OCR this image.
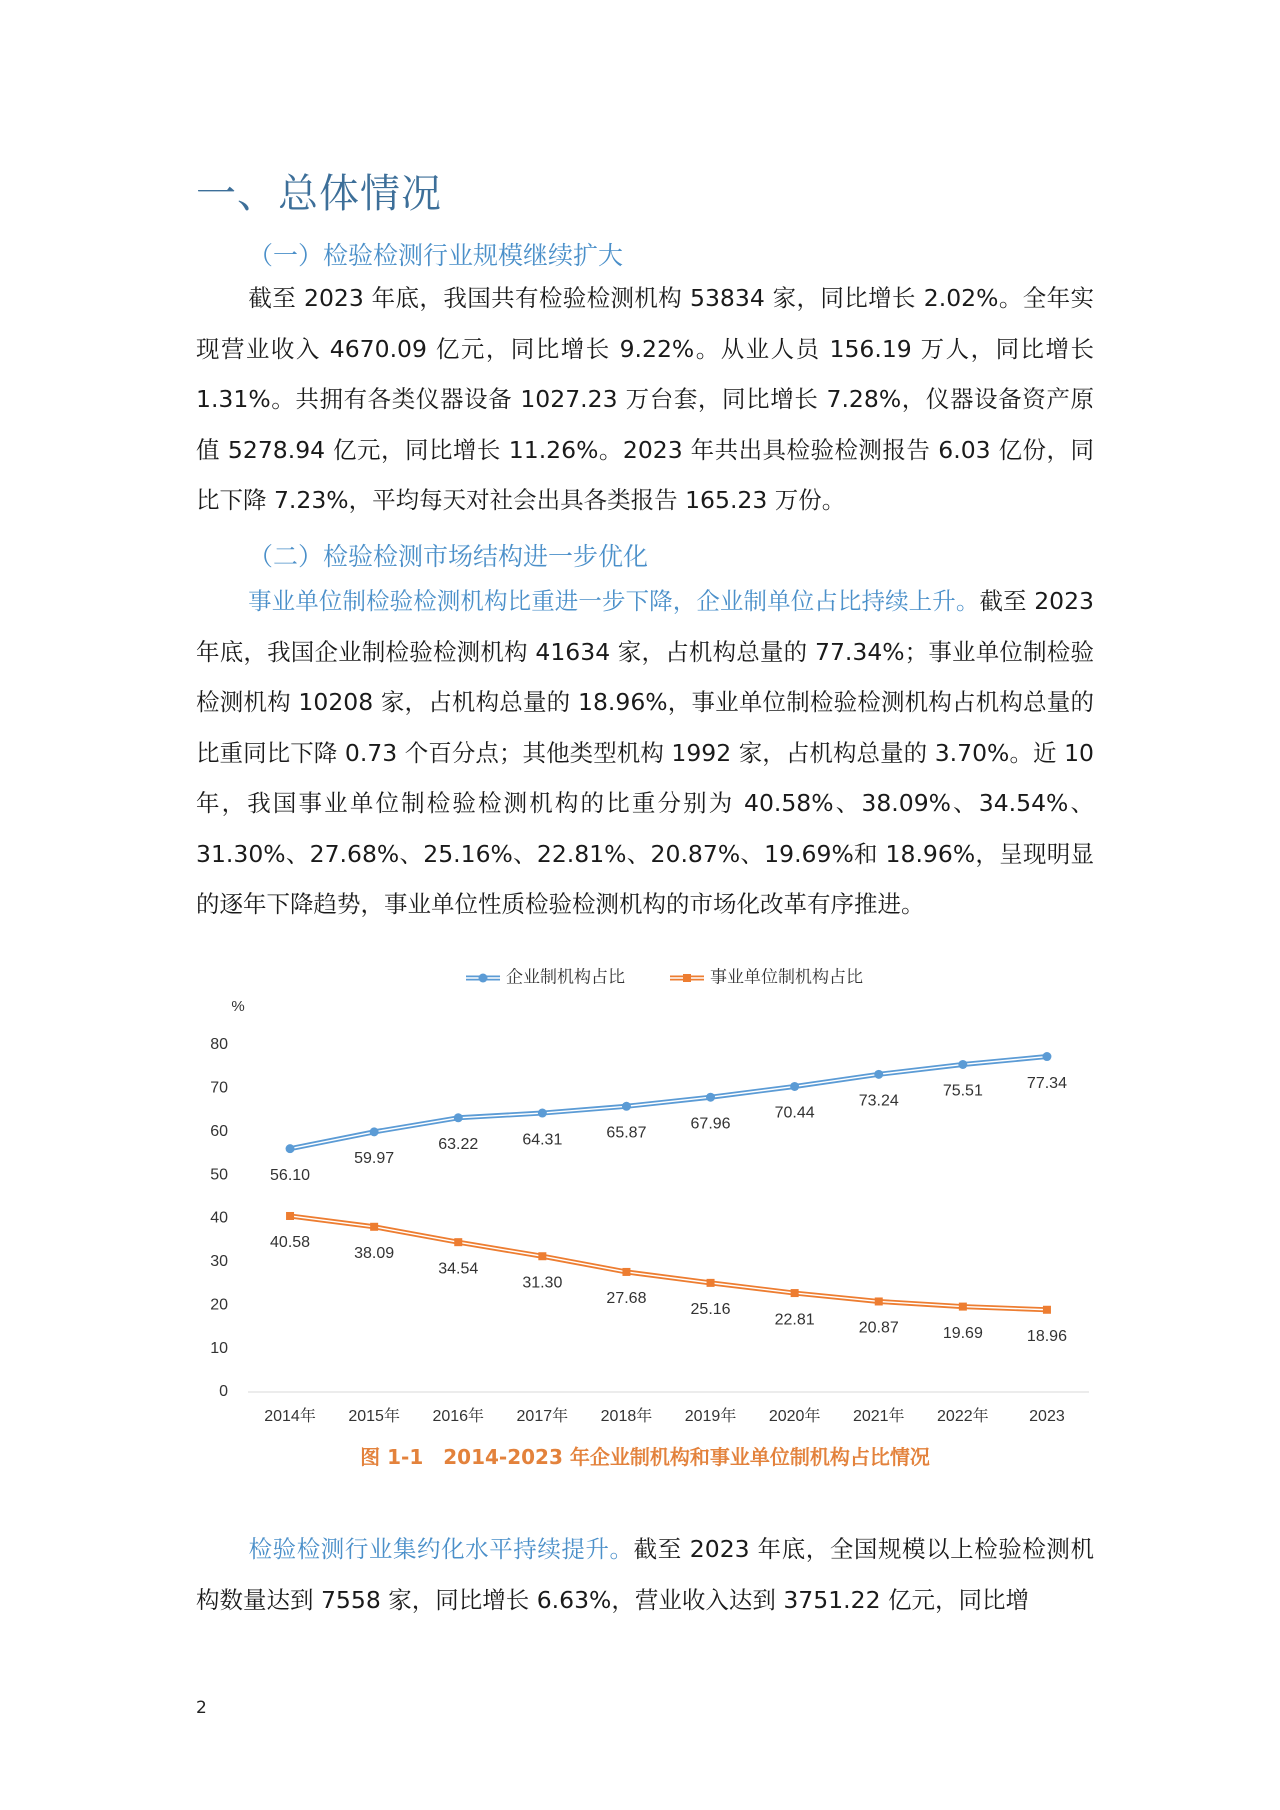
一、总体情况
（一）检验检测行业规模继续扩大

截至 2023 年底，我国共有检验检测机构 53834 家，同比增长 2.02%。全年实现营业收入 4670.09 亿元，同比增长 9.22%。从业人员 156.19 万人，同比增长 1.31%。共拥有各类仪器设备 1027.23 万台套，同比增长 7.28%，仪器设备资产原值 5278.94 亿元，同比增长 11.26%。2023 年共出具检验检测报告 6.03 亿份，同比下降 7.23%，平均每天对社会出具各类报告 165.23 万份。

（二）检验检测市场结构进一步优化

事业单位制检验检测机构比重进一步下降，企业制单位占比持续上升。截至 2023 年底，我国企业制检验检测机构 41634 家，占机构总量的 77.34%；事业单位制检验检测机构 10208 家，占机构总量的 18.96%，事业单位制检验检测机构占机构总量的比重同比下降 0.73 个百分点；其他类型机构 1992 家，占机构总量的 3.70%。近 10 年，我国事业单位制检验检测机构的比重分别为 40.58%、38.09%、34.54%、31.30%、27.68%、25.16%、22.81%、20.87%、19.69%和 18.96%，呈现明显的逐年下降趋势，事业单位性质检验检测机构的市场化改革有序推进。

企业制机构占比	事业单位制机构占比
%
0
10
20
30
40
50
60
70
80
2014年 2015年 2016年 2017年 2018年 2019年 2020年 2021年 2022年	2023
56.10
59.97
63.22	64.31	65.87
67.96
70.44
73.24
75.51	77.34
40.58
38.09
34.54
31.30
27.68
25.16
22.81	20.87	19.69	18.96
图 1-1 2014-2023 年企业制机构和事业单位制机构占比情况

检验检测行业集约化水平持续提升。截至 2023 年底，全国规模以上检验检测机构数量达到 7558 家，同比增长 6.63%，营业收入达到 3751.22 亿元，同比增

2
